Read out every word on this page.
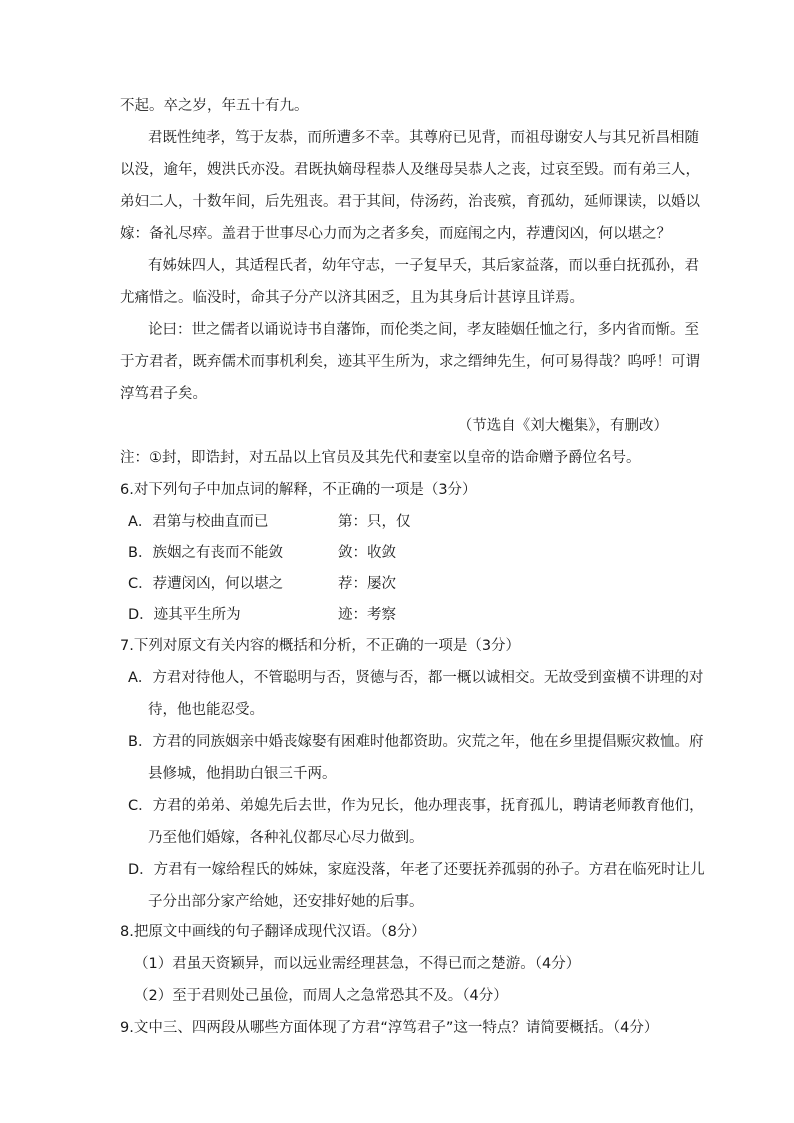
不起。卒之岁，年五十有九。
君既性纯孝，笃于友恭，而所遭多不幸。其尊府已见背，而祖母谢安人与其兄祈昌相随
以没，逾年，嫂洪氏亦没。君既执嫡母程恭人及继母吴恭人之丧，过哀至毁。而有弟三人，
弟妇二人，十数年间，后先殂丧。君于其间，侍汤药，治丧殡，育孤幼，延师课读，以婚以
嫁：备礼尽瘁。盖君于世事尽心力而为之者多矣，而庭闱之内，荐遭闵凶，何以堪之？
有姊妹四人，其适程氏者，幼年守志，一子复早夭，其后家益落，而以垂白抚孤孙，君
尤痛惜之。临没时，命其子分产以济其困乏，且为其身后计甚谆且详焉。
论曰：世之儒者以诵说诗书自藩饰，而伦类之间，孝友睦姻任恤之行，多内省而惭。至
于方君者，既弃儒术而事机利矣，迹其平生所为，求之缙绅先生，何可易得哉？呜呼！可谓
淳笃君子矣。
（节选自《刘大櫆集》，有删改）
注：①封，即诰封，对五品以上官员及其先代和妻室以皇帝的诰命赠予爵位名号。
6.对下列句子中加点词的解释，不正确的一项是（3分）
A．君第与校曲直而已	第：只，仅
B．族姻之有丧而不能敛	敛：收敛
C．荐遭闵凶，何以堪之	荐：屡次
D．迹其平生所为	迹：考察
7.下列对原文有关内容的概括和分析，不正确的一项是（3分）
A．方君对待他人，不管聪明与否，贤德与否，都一概以诚相交。无故受到蛮横不讲理的对
待，他也能忍受。
B．方君的同族姻亲中婚丧嫁娶有困难时他都资助。灾荒之年，他在乡里提倡赈灾救恤。府
县修城，他捐助白银三千两。
C．方君的弟弟、弟媳先后去世，作为兄长，他办理丧事，抚育孤儿，聘请老师教育他们，
乃至他们婚嫁，各种礼仪都尽心尽力做到。
D．方君有一嫁给程氏的姊妹，家庭没落，年老了还要抚养孤弱的孙子。方君在临死时让儿
子分出部分家产给她，还安排好她的后事。
8.把原文中画线的句子翻译成现代汉语。（8分）
（1）君虽天资颖异，而以远业需经理甚急，不得已而之楚游。（4分）
（2）至于君则处己虽俭，而周人之急常恐其不及。（4分）
9.文中三、四两段从哪些方面体现了方君“淳笃君子”这一特点？请简要概括。（4分）
